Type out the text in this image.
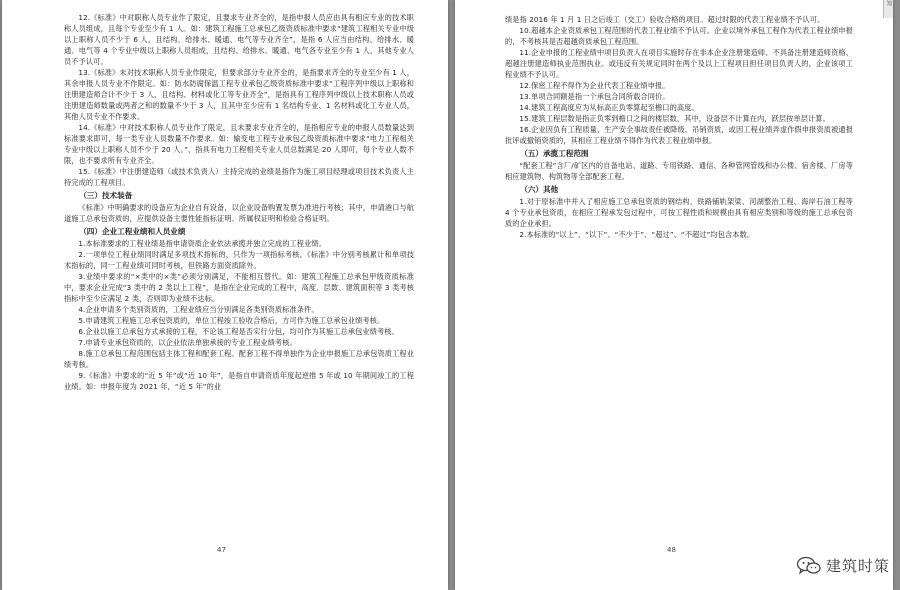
12.《标准》中对职称人员专业作了限定，且要求专业齐全的，是指申报人员应由具有相应专业的技术职称人员组成，且每个专业至少有 1 人。如：建筑工程施工总承包乙级资质标准中要求“建筑工程相关专业中级以上职称人员不少于 6 人，且结构、给排水、暖通、电气等专业齐全”，是指 6 人应当由结构、给排水、暖通、电气等 4 个专业中级以上职称人员组成，且结构、给排水、暖通、电气各专业至少有 1 人，其他专业人员不予认可。

13.《标准》未对技术职称人员专业作限定，但要求部分专业齐全的，是指要求齐全的专业至少有 1 人，其余申报人员专业不作限定。如：防水防腐保温工程专业承包乙级资质标准中要求“工程序列中级以上职称和注册建造师合计不少于 3 人，且结构、材料或化工等专业齐全”，是指具有工程序列中级以上技术职称人员或注册建造师数量或两者之和的数量不少于 3 人，且其中至少应有 1 名结构专业、1 名材料或化工专业人员，其他人员专业不作要求。

14.《标准》中对技术职称人员专业作了限定，且未要求专业齐全的，是指相应专业的申报人员数量达到标准要求即可，每一类专业人员数量不作要求。如：输变电工程专业承包乙级资质标准中要求“电力工程相关专业中级以上职称人员不少于 20 人。”，指具有电力工程相关专业人员总数满足 20 人即可，每个专业人数不限，也不要求所有专业齐全。

15.《标准》中注册建造师（或技术负责人）主持完成的业绩是指作为施工项目经理或项目技术负责人主持完成的工程项目。

（三）技术装备

《标准》中明确要求的设备应为企业自有设备，以企业设备购置发票为准进行考核；其中，申请港口与航道施工总承包资质的，应提供设备主要性能指标证明、所属权证明和检验合格证明。

（四）企业工程业绩和人员业绩

1.本标准要求的工程业绩是指申请资质企业依法承揽并独立完成的工程业绩。

2.一项单位工程业绩同时满足多项技术指标的，只作为一项指标考核。《标准》中分别考核累计和单项技术指标的，同一工程业绩可同时考核，但铁路方面资质除外。

3.业绩中要求的“×类中的×类”必须分别满足，不能相互替代。如：建筑工程施工总承包甲级资质标准中，要求企业完成“3 类中的 2 类以上工程”，是指在企业完成的工程中，高度、层数、建筑面积等 3 类考核指标中至少应满足 2 类，否则即为业绩不达标。

4.企业申请多个类别资质的，工程业绩应当分别满足各类别资质标准条件。

5.申请建筑工程施工总承包资质的，单位工程竣工验收合格后，方可作为施工总承包业绩考核。

6.企业以施工总承包方式承接的工程，不论该工程是否实行分包，均可作为其施工总承包业绩考核。

7.申请专业承包资质的，以企业依法单独承接的专业工程业绩考核。

8.施工总承包工程范围包括主体工程和配套工程。配套工程不得单独作为企业申报施工总承包资质工程业绩考核。

9.《标准》中要求的“近 5 年”或“近 10 年”，是指自申请资质年度起逆推 5 年或 10 年期间竣工的工程业绩。如：申报年度为 2021 年，“近 5 年”的业

47
知

绩是指 2016 年 1 月 1 日之后竣工（交工）验收合格的项目。超过时限的代表工程业绩不予认可。

10.超越本企业资质承包工程范围的代表工程业绩不予认可。企业以境外承包工程作为代表工程业绩申报的，不考核其是否超越资质承包工程范围。

11.企业申报的工程业绩中项目负责人在项目实施时存在非本企业注册建造师、不具备注册建造师资格、超越注册建造师执业范围执业、或违反有关规定同时在两个及以上工程项目担任项目负责人的，企业该项工程业绩不予认可。

12.保密工程不得作为企业代表工程业绩申报。

13.单项合同额是指一个承包合同所载合同价。

14.建筑工程高度应为从标高正负零算起至檐口的高度。

15.建筑工程层数是指正负零到檐口之间的楼层数，其中，设备层不计算在内，跃层按单层计算。

16.企业因负有工程质量、生产安全事故责任被降级、吊销资质，或因工程业绩弄虚作假申报资质被通报批评或撤销资质的，其相应工程业绩不得作为代表工程业绩申报。

（五）承揽工程范围

“配套工程”含厂/矿区内的自备电站、道路、专用铁路、通信、各种管网管线和办公楼、宿舍楼、厂房等相应建筑物、构筑物等全部配套工程。

（六）其他

1.对于原标准中并入了相应施工总承包资质的钢结构、铁路铺轨架梁、河湖整治工程、海岸石油工程等 4 个专业承包资质，在相应工程承发包过程中，可按工程性质和规模由具有相应类别和等级的施工总承包资质的企业承担。

2.本标准的“以上”、“以下”、“不少于”、“超过”、“不超过”均包含本数。

48
建筑时策
